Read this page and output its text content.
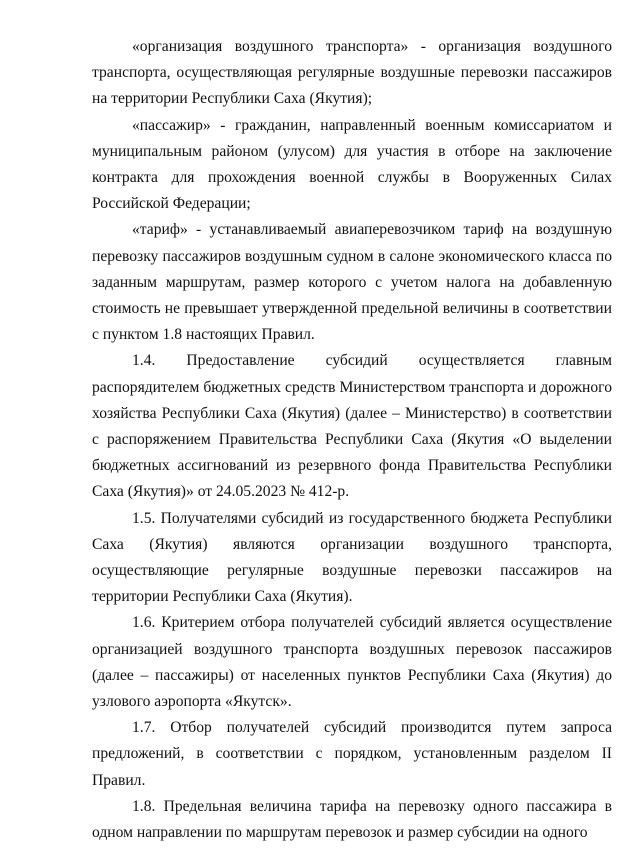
«организация воздушного транспорта» - организация воздушного транспорта, осуществляющая регулярные воздушные перевозки пассажиров на территории Республики Саха (Якутия);

«пассажир» - гражданин, направленный военным комиссариатом и муниципальным районом (улусом) для участия в отборе на заключение контракта для прохождения военной службы в Вооруженных Силах Российской Федерации;

«тариф» - устанавливаемый авиаперевозчиком тариф на воздушную перевозку пассажиров воздушным судном в салоне экономического класса по заданным маршрутам, размер которого с учетом налога на добавленную стоимость не превышает утвержденной предельной величины в соответствии с пунктом 1.8 настоящих Правил.

1.4. Предоставление субсидий осуществляется главным распорядителем бюджетных средств Министерством транспорта и дорожного хозяйства Республики Саха (Якутия) (далее – Министерство) в соответствии с распоряжением Правительства Республики Саха (Якутия «О выделении бюджетных ассигнований из резервного фонда Правительства Республики Саха (Якутия)» от 24.05.2023 № 412-р.

1.5. Получателями субсидий из государственного бюджета Республики Саха (Якутия) являются организации воздушного транспорта, осуществляющие регулярные воздушные перевозки пассажиров на территории Республики Саха (Якутия).

1.6. Критерием отбора получателей субсидий является осуществление организацией воздушного транспорта воздушных перевозок пассажиров (далее – пассажиры) от населенных пунктов Республики Саха (Якутия) до узлового аэропорта «Якутск».

1.7. Отбор получателей субсидий производится путем запроса предложений, в соответствии с порядком, установленным разделом II Правил.

1.8. Предельная величина тарифа на перевозку одного пассажира в одном направлении по маршрутам перевозок и размер субсидии на одного
